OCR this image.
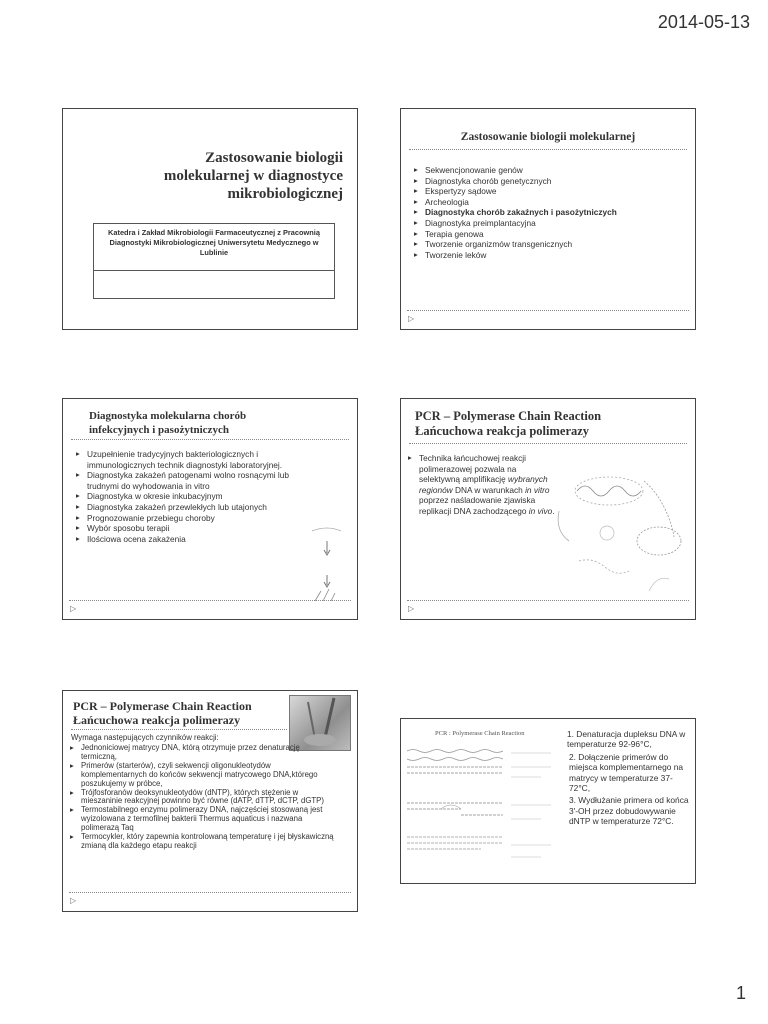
2014-05-13
Zastosowanie biologii
molekularnej w diagnostyce
mikrobiologicznej
Katedra i Zakład Mikrobiologii Farmaceutycznej z Pracownią Diagnostyki Mikrobiologicznej Uniwersytetu Medycznego w Lublinie
Zastosowanie biologii molekularnej
▸ Sekwencjonowanie genów
▸ Diagnostyka chorób genetycznych
▸ Ekspertyzy sądowe
▸ Archeologia
▸ Diagnostyka chorób zakaźnych i pasożytniczych
▸ Diagnostyka preimplantacyjna
▸ Terapia genowa
▸ Tworzenie organizmów transgenicznych
▸ Tworzenie leków
▷
Diagnostyka molekularna chorób
infekcyjnych i pasożytniczych
▸ Uzupełnienie tradycyjnych bakteriologicznych i immunologicznych technik diagnostyki laboratoryjnej.
▸ Diagnostyka zakażeń patogenami wolno rosnącymi lub trudnymi do wyhodowania in vitro
▸ Diagnostyka w okresie inkubacyjnym
▸ Diagnostyka zakażeń przewlekłych lub utajonych
▸ Prognozowanie przebiegu choroby
▸ Wybór sposobu terapii
▸ Ilościowa ocena zakażenia
▷
PCR – Polymerase Chain Reaction
Łańcuchowa reakcja polimerazy
▸ Technika łańcuchowej reakcji polimerazowej pozwala na selektywną amplifikację wybranych regionów DNA w warunkach in vitro poprzez naśladowanie zjawiska replikacji DNA zachodzącego in vivo.
▷
PCR – Polymerase Chain Reaction
Łańcuchowa reakcja polimerazy
Wymaga następujących czynników reakcji:
▸ Jednoniciowej matrycy DNA, którą otrzymuje przez denaturację termiczną,
▸ Primerów (starterów), czyli sekwencji oligonukleotydów komplementarnych do końców sekwencji matrycowego DNA,którego poszukujemy w próbce,
▸ Trójfosforanów deoksynukleotydów (dNTP), których stężenie w mieszaninie reakcyjnej powinno być równe (dATP, dTTP, dCTP, dGTP)
▸ Termostabilnego enzymu polimerazy DNA, najczęściej stosowaną jest wyizolowana z termofilnej bakterii Thermus aquaticus i nazwana polimerazą Taq
▸ Termocykler, który zapewnia kontrolowaną temperaturę i jej błyskawiczną zmianą dla każdego etapu reakcji
▷
PCR : Polymerase Chain Reaction	1. Denaturacja dupleksu DNA w temperaturze 92-96°C,
2. Dołączenie primerów do miejsca komplementarnego na matrycy w temperaturze 37-72°C,
3. Wydłużanie primera od końca 3'-OH przez dobudowywanie dNTP w temperaturze 72°C.
1
